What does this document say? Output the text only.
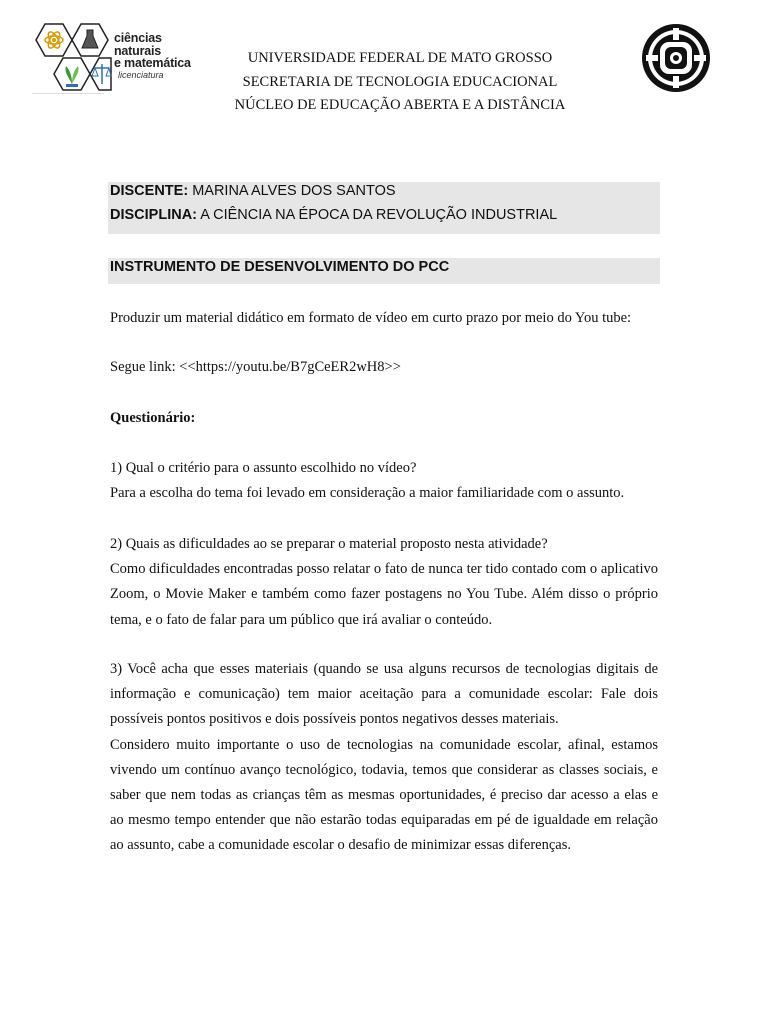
ciências naturais
e matemática
licenciatura
UNIVERSIDADE FEDERAL DE MATO GROSSO
SECRETARIA DE TECNOLOGIA EDUCACIONAL
NÚCLEO DE EDUCAÇÃO ABERTA E A DISTÂNCIA
DISCENTE: MARINA ALVES DOS SANTOS
DISCIPLINA: A CIÊNCIA NA ÉPOCA DA REVOLUÇÃO INDUSTRIAL
INSTRUMENTO DE DESENVOLVIMENTO DO PCC
Produzir um material didático em formato de vídeo em curto prazo por meio do You tube:
Segue link: <<https://youtu.be/B7gCeER2wH8>>
Questionário:
1) Qual o critério para o assunto escolhido no vídeo?
Para a escolha do tema foi levado em consideração a maior familiaridade com o assunto.
2) Quais as dificuldades ao se preparar o material proposto nesta atividade?
Como dificuldades encontradas posso relatar o fato de nunca ter tido contado com o aplicativo Zoom, o Movie Maker e também como fazer postagens no You Tube. Além disso o próprio tema, e o fato de falar para um público que irá avaliar o conteúdo.
3) Você acha que esses materiais (quando se usa alguns recursos de tecnologias digitais de informação e comunicação) tem maior aceitação para a comunidade escolar: Fale dois possíveis pontos positivos e dois possíveis pontos negativos desses materiais.
Considero muito importante o uso de tecnologias na comunidade escolar, afinal, estamos vivendo um contínuo avanço tecnológico, todavia, temos que considerar as classes sociais, e saber que nem todas as crianças têm as mesmas oportunidades, é preciso dar acesso a elas e ao mesmo tempo entender que não estarão todas equiparadas em pé de igualdade em relação ao assunto, cabe a comunidade escolar o desafio de minimizar essas diferenças.
